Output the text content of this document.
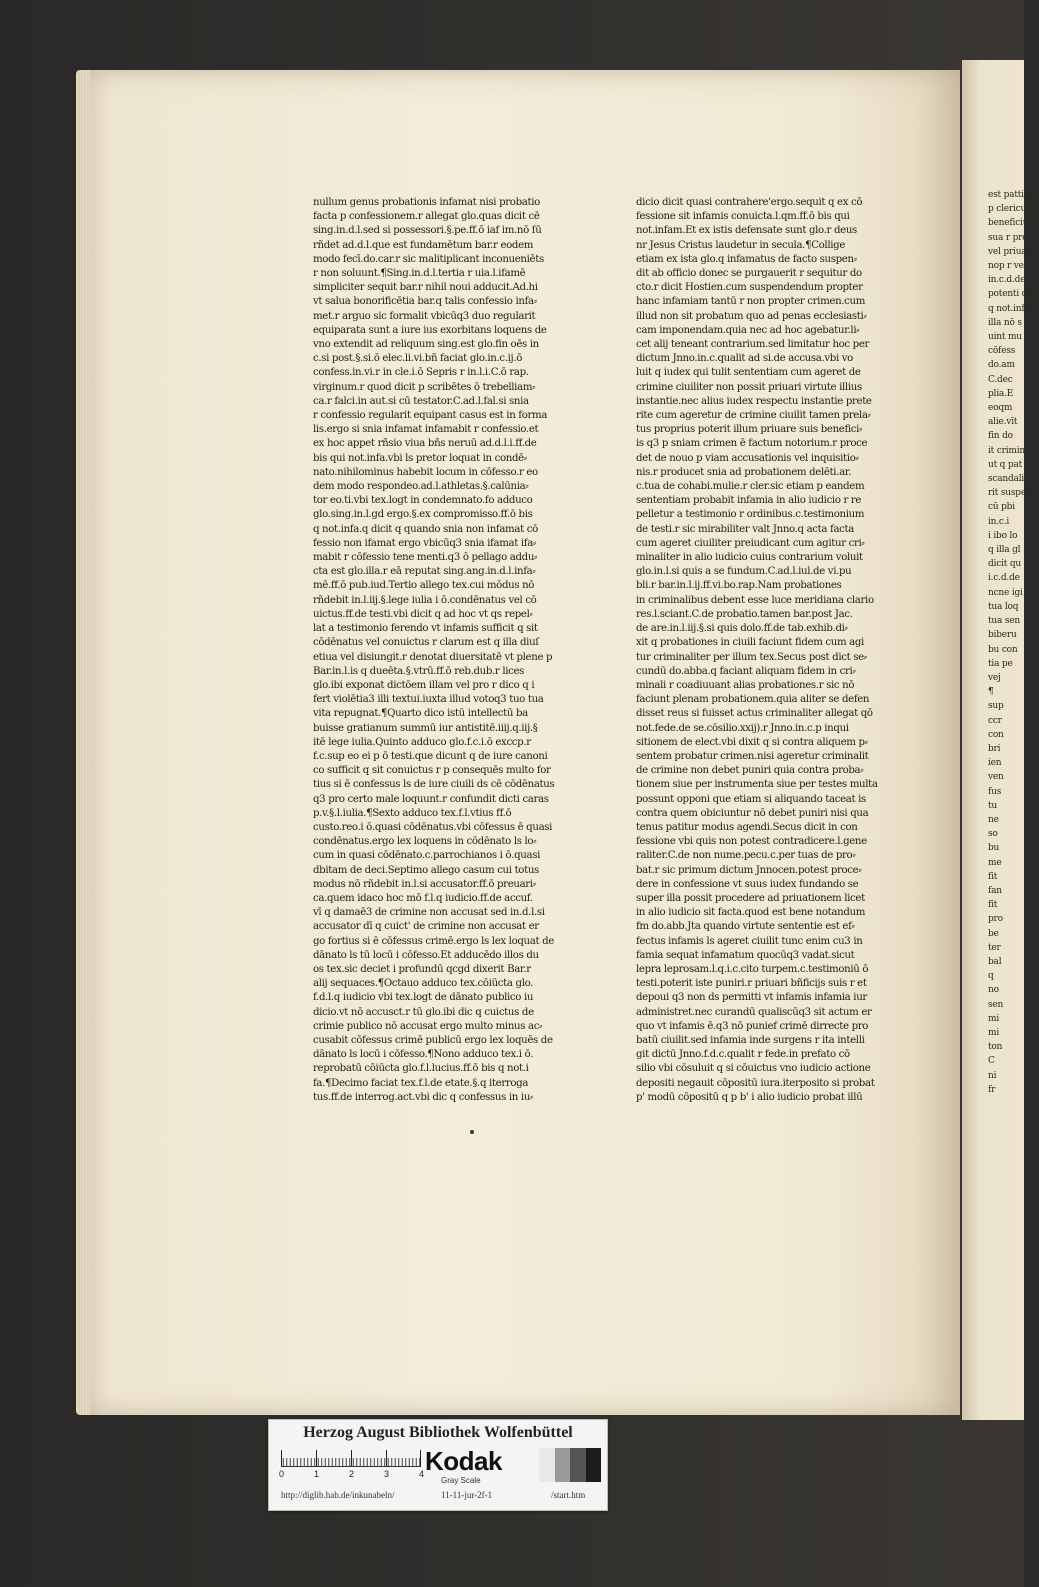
nullum genus probationis infamat nisi probatio
facta p confessionem.r allegat glo.quas dicit cē
sing.in.d.l.sed si possessori.§.pe.ff.ō iaf im.nō ſū
rñdet ad.d.l.que est fundamētum bar.r eodem
modo fecī.do.car.r sic malitiplicant inconueniēts
r non soluunt.¶Sing.in.d.l.tertia r uia.l.ifamē
simpliciter sequit bar.r nihil noui adducit.Ad.hi
vt salua bonorificētia bar.q talis confessio infa⸗
met.r arguo sic formalit vbicūq3 duo regularit
equiparata sunt a iure ius exorbitans loquens de
vno extendit ad reliquum sing.est glo.fin oēs in
c.si post.§.si.ō elec.li.vi.bñ faciat glo.in.c.ij.ō
confess.in.vi.r in cle.i.ō Sepris r in.l.i.C.ō rap.
virginum.r quod dicit p scribētes ō trebelliam⸗
ca.r falci.in aut.si cū testator.C.ad.l.fal.si snia
r confessio regularit equipant casus est in forma
lis.ergo si snia infamat infamabit r confessio.et
ex hoc appet rñsio viua bñs neruū ad.d.l.i.ff.de
bis qui not.infa.vbi ls pretor loquat in condē⸗
nato.nihilominus habebit locum in cōfesso.r eo
dem modo respondeo.ad.l.athletas.§.calūnia⸗
tor eo.ti.vbi tex.logt in condemnato.fo adduco
glo.sing.in.l.gd ergo.§.ex compromisso.ff.ō bis
q not.infa.q dicit q quando snia non infamat cō
fessio non ifamat ergo vbicūq3 snia ifamat ifa⸗
mabit r cōfessio tene menti.q3 ō pellago addu⸗
cta est glo.illa.r eā reputat sing.ang.in.d.l.infa⸗
mē.ff.ō pub.iud.Tertio allego tex.cui mōdus nō
rñdebit in.l.iij.§.lege iulia i ō.condēnatus vel cō
uictus.ff.de testi.vbi dicit q ad hoc vt qs repel⸗
lat a testimonio ferendo vt infamis sufficit q sit
cōdēnatus vel conuictus r clarum est q illa diuſ
etiua vel disiungit.r denotat diuersitatē vt plene p
Bar.in.l.is q dueēta.§.vtrū.ff.ō reb.dub.r lices
glo.ibi exponat dictōem illam vel pro r dico q i
fert violētia3 illi textui.iuxta illud votoq3 tuo tua
vita repugnat.¶Quarto dico istū intellectū ba
buisse gratianum summū iur antistitē.iiij.q.iij.§
itē lege iulia.Quinto adduco glo.f.c.i.ō exccp.r
f.c.sup eo ei p ō testi.que dicunt q de iure canoni
co sufficit q sit conuictus r p consequēs multo for
tius si ē confessus ls de iure ciuili ds cē cōdēnatus
q3 pro certo male loquunt.r confundit dicti caras
p.v.§.l.iulia.¶Sexto adduco tex.f.l.vtius ff.ō
custo.reo.i ō.quasi cōdēnatus.vbi cōfessus ē quasi
condēnatus.ergo lex loquens in cōdēnato ls lo⸗
cum in quasi cōdēnato.c.parrochianos i ō.quasi
dbitam de deci.Septimo allego casum cui totus
modus nō rñdebit in.l.si accusator.ff.ō preuari⸗
ca.quem idaco hoc mō f.l.q iudicio.ff.de accuf.
vī q damaē3 de crimine non accusat sed in.d.l.si
accusator dī q cuict' de crimine non accusat er
go fortius si ē cōfessus crimē.ergo ls lex loquat de
dānato ls tū locū i cōfesso.Et adducēdo illos du
os tex.sic deciet i profundū qcgd dixerit Bar.r
alij sequaces.¶Octauo adduco tex.cōiūcta glo.
f.d.l.q iudicio vbi tex.logt de dānato publico iu
dicio.vt nō accusct.r tū glo.ibi dic q cuictus de
crimie publico nō accusat ergo multo minus ac⸗
cusabit cōfessus crimē publicū ergo lex loquēs de
dānato ls locū i cōfesso.¶Nono adduco tex.i ō.
reprobatū cōiūcta glo.f.l.lucius.ff.ō bis q not.i
fa.¶Decimo faciat tex.f.l.de etate.§.q iterroga
tus.ff.de interrog.act.vbi dic q confessus in iu⸗
dicio dicit quasi contrahere'ergo.sequit q ex cō
fessione sit infamis conuicta.l.qm.ff.ō bis qui
not.infam.Et ex istis defensate sunt glo.r deus
nr Jesus Cristus laudetur in secula.¶Collige
etiam ex ista glo.q infamatus de facto suspen⸗
dit ab officio donec se purgauerit r sequitur do
cto.r dicit Hostien.cum suspendendum propter
hanc infamiam tantū r non propter crimen.cum
illud non sit probatum quo ad penas ecclesiasti⸗
cam imponendam.quia nec ad hoc agebatur.li⸗
cet alij teneant contrarium.sed limitatur hoc per
dictum Jnno.in.c.qualit ad si.de accusa.vbi vo
luit q iudex qui tulit sententiam cum ageret de
crimine ciuiliter non possit priuari virtute illius
instantie.nec alius iudex respectu instantie prete
rite cum ageretur de crimine ciuilit tamen prela⸗
tus proprius poterit illum priuare suis benefici⸗
is q3 p sniam crimen ē factum notorium.r proce
det de nouo p viam accusationis vel inquisitio⸗
nis.r producet snia ad probationem delēti.ar.
c.tua de cohabi.mulie.r cler.sic etiam p eandem
sententiam probabit infamia in alio iudicio r re
pelletur a testimonio r ordinibus.c.testimonium
de testi.r sic mirabiliter valt Jnno.q acta facta
cum ageret ciuiliter preiudicant cum agitur cri⸗
minaliter in alio iudicio cuius contrarium voluit
glo.in.l.si quis a se fundum.C.ad.l.iul.de vi.pu
bli.r bar.in.l.ij.ff.vi.bo.rap.Nam probationes
in criminalibus debent esse luce meridiana clario
res.l.sciant.C.de probatio.tamen bar.post Jac.
de are.in.l.iij.§.si quis dolo.ff.de tab.exhib.di⸗
xit q probationes in ciuili faciunt fidem cum agi
tur criminaliter per illum tex.Secus post dict se⸗
cundū do.abba.q faciant aliquam fidem in cri⸗
minali r coadiuuant alias probationes.r sic nō
faciunt plenam probationem.quia aliter se defen
disset reus si fuisset actus criminaliter allegat qō
not.fede.de se.cōsilio.xxij).r Jnno.in.c.p inqui
sitionem de elect.vbi dixit q si contra aliquem p⸗
sentem probatur crimen.nisi ageretur criminalit
de crimine non debet puniri quia contra proba⸗
tionem siue per instrumenta siue per testes multa
possunt opponi que etiam si aliquando taceat is
contra quem obiciuntur nō debet puniri nisi qua
tenus patitur modus agendi.Secus dicit in con
fessione vbi quis non potest contradicere.l.gene
raliter.C.de non nume.pecu.c.per tuas de pro⸗
bat.r sic primum dictum Jnnocen.potest proce⸗
dere in confessione vt suus iudex fundando se
super illa possit procedere ad priuationem licet
in alio iudicio sit facta.quod est bene notandum
fm do.abb.Jta quando virtute sententie est ef⸗
fectus infamis ls ageret ciuilit tunc enim cu3 in
famia sequat infamatum quocūq3 vadat.sicut
lepra leprosam.l.q.i.c.cito turpem.c.testimoniū ō
testi.poterit iste puniri.r priuari bñficijs suis r et
depoui q3 non ds permitti vt infamis infamia iur
administret.nec curandū qualiscūq3 sit actum er
quo vt infamis ē.q3 nō punief crimē dirrecte pro
batū ciuilit.sed infamia inde surgens r ita intelli
git dictū Jnno.f.d.c.qualit r fede.in prefato cō
silio vbi cōsuluit q si cōuictus vno iudicio actione
depositi negauit cōpositū iura.iterposito si probat
p' modū cōpositū q p b' i alio iudicio probat illū
est pattino
p clericus p
beneficiū
sua r pro
vel priuan
nop r ve
in.c.d.de
potenti do
q not.infa
illa nō s
uint mu
cōfess
do.am
C.dec
plia.E
eoqm
alie.vīt
fin do
it crimin
ut q pat
scandali
rit suspen
cū pbi
in.c.i
i ibo lo
q illa gl
dicit qu
i.c.d.de
ncne igi
tua loq
tua sen
biberu
bu con
tia pe
vej
¶
sup
ccr
con
bri
ien
ven
fus
tu
ne
so
bu
me
fit
fan
fit
pro
be
ter
bal
q
no
sen
mi
mi
ton
C
ni
fr
Herzog August Bibliothek Wolfenbüttel
0	1	2	3	4 Kodak
Gray Scale
http://diglib.hab.de/inkunabeln/	11-11-jur-2f-1	/start.htm
